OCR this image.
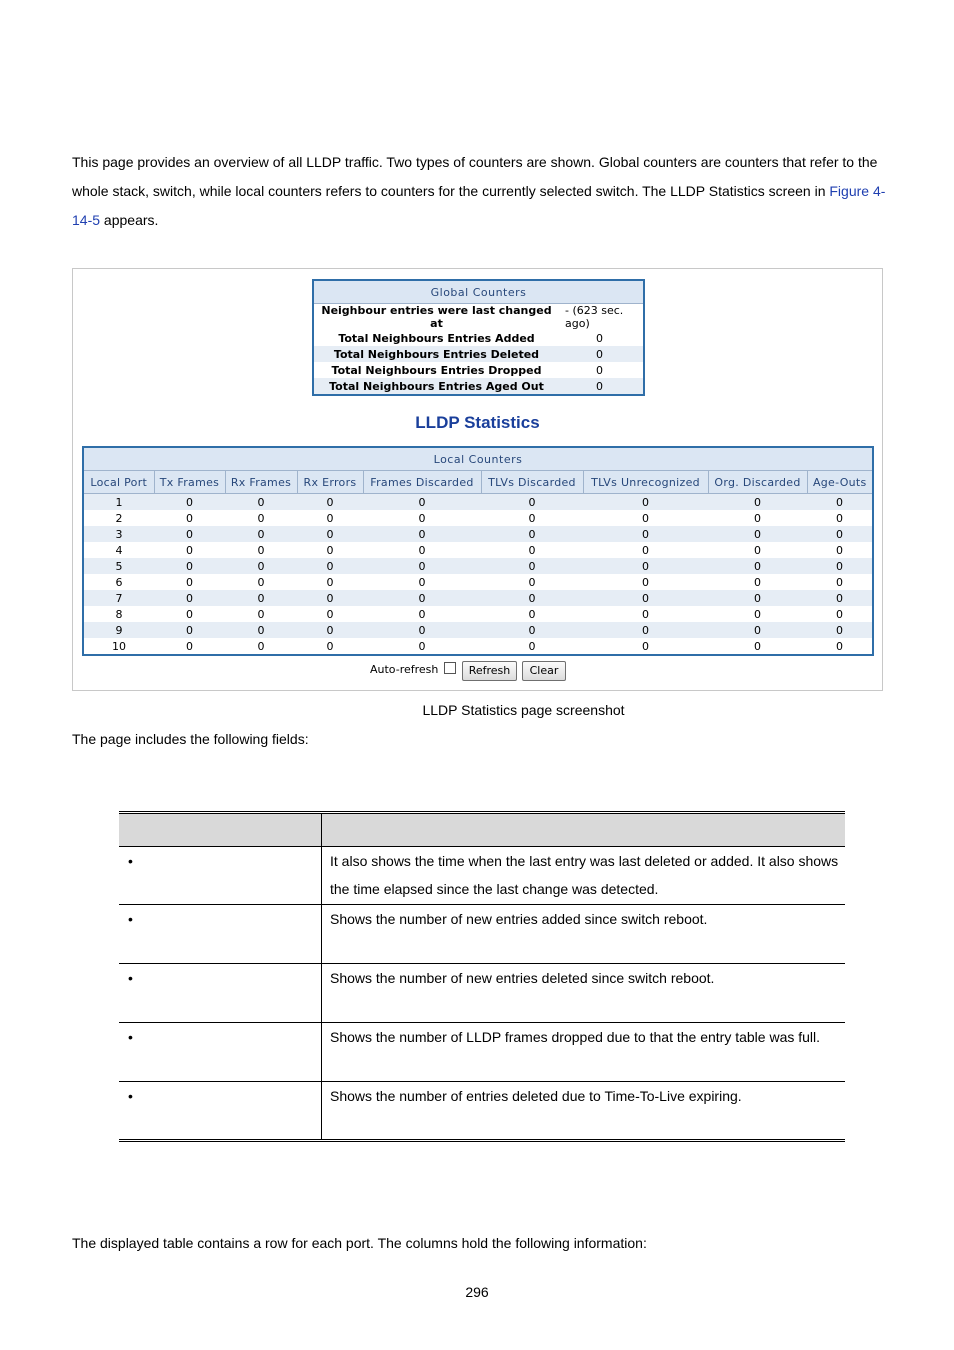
This page provides an overview of all LLDP traffic. Two types of counters are shown. Global counters are counters that refer to the whole stack, switch, while local counters refers to counters for the currently selected switch. The LLDP Statistics screen in Figure 4-14-5 appears.

Global Counters	
Neighbour entries were last changed at	- (623 sec. ago)
Total Neighbours Entries Added	0
Total Neighbours Entries Deleted	0
Total Neighbours Entries Dropped	0
Total Neighbours Entries Aged Out	0
LLDP Statistics
Local Counters								
Local Port	Tx Frames	Rx Frames	Rx Errors	Frames Discarded	TLVs Discarded	TLVs Unrecognized	Org. Discarded	Age-Outs
1	0	0	0	0	0	0	0	0
2	0	0	0	0	0	0	0	0
3	0	0	0	0	0	0	0	0
4	0	0	0	0	0	0	0	0
5	0	0	0	0	0	0	0	0
6	0	0	0	0	0	0	0	0
7	0	0	0	0	0	0	0	0
8	0	0	0	0	0	0	0	0
9	0	0	0	0	0	0	0	0
10	0	0	0	0	0	0	0	0
Auto-refresh	Refresh	Clear

LLDP Statistics page screenshot

The page includes the following fields:

•	It also shows the time when the last entry was last deleted or added. It also shows the time elapsed since the last change was detected.
•	Shows the number of new entries added since switch reboot.
•	Shows the number of new entries deleted since switch reboot.
•	Shows the number of LLDP frames dropped due to that the entry table was full.
•	Shows the number of entries deleted due to Time-To-Live expiring.

The displayed table contains a row for each port. The columns hold the following information:

296
